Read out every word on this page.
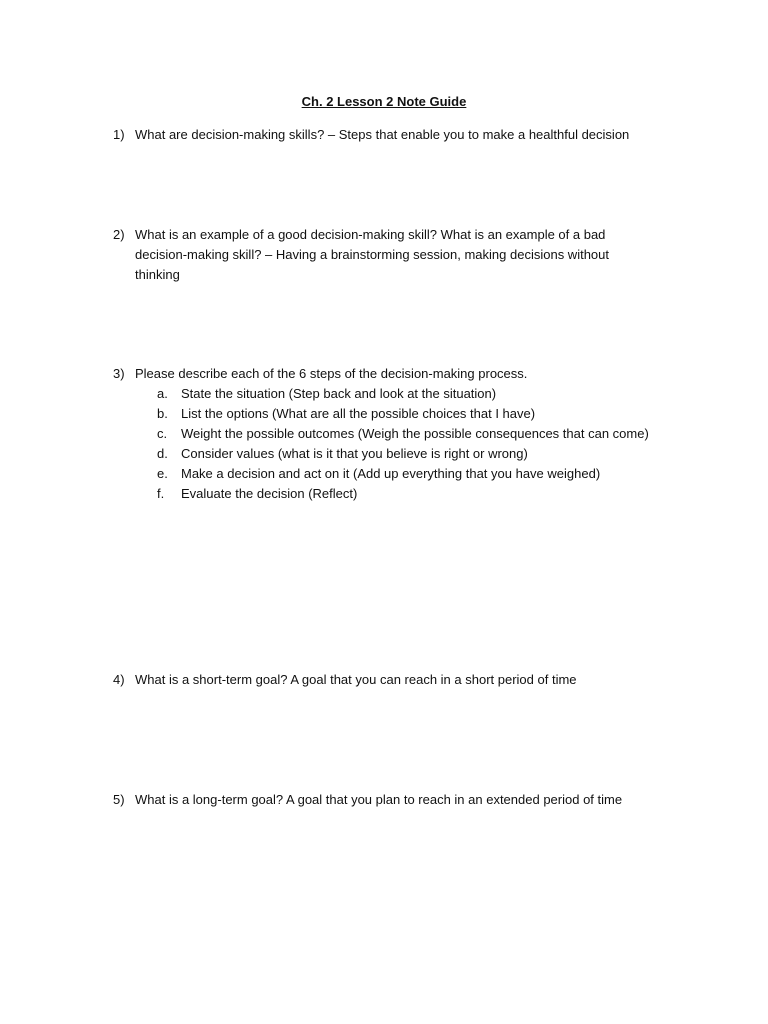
Ch. 2 Lesson 2 Note Guide
1) What are decision-making skills? – Steps that enable you to make a healthful decision
2) What is an example of a good decision-making skill? What is an example of a bad decision-making skill? – Having a brainstorming session, making decisions without thinking
3) Please describe each of the 6 steps of the decision-making process.
a. State the situation (Step back and look at the situation)
b. List the options (What are all the possible choices that I have)
c. Weight the possible outcomes (Weigh the possible consequences that can come)
d. Consider values (what is it that you believe is right or wrong)
e. Make a decision and act on it (Add up everything that you have weighed)
f. Evaluate the decision (Reflect)
4) What is a short-term goal? A goal that you can reach in a short period of time
5) What is a long-term goal? A goal that you plan to reach in an extended period of time
